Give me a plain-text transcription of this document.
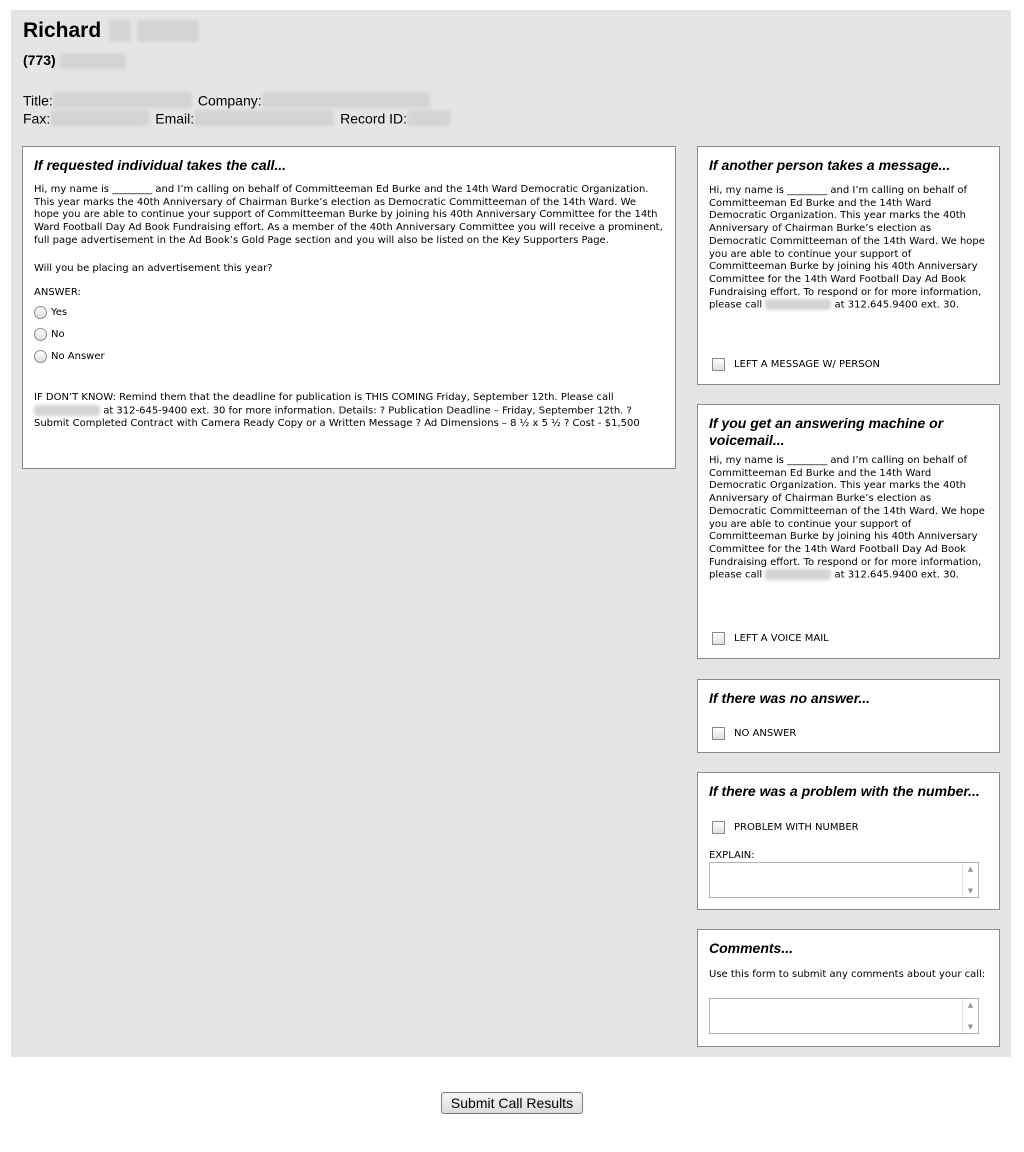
Richard
(773)
Title:	Company:
Fax:	Email:	Record ID:
If requested individual takes the call...

Hi, my name is ________ and I’m calling on behalf of Committeeman Ed Burke and the 14th Ward Democratic Organization. This year marks the 40th Anniversary of Chairman Burke’s election as Democratic Committeeman of the 14th Ward. We hope you are able to continue your support of Committeeman Burke by joining his 40th Anniversary Committee for the 14th Ward Football Day Ad Book Fundraising effort. As a member of the 40th Anniversary Committee you will receive a prominent, full page advertisement in the Ad Book’s Gold Page section and you will also be listed on the Key Supporters Page.

Will you be placing an advertisement this year?

ANSWER:

Yes
No
No Answer

IF DON’T KNOW: Remind them that the deadline for publication is THIS COMING Friday, September 12th. Please call  at 312-645-9400 ext. 30 for more information. Details: ? Publication Deadline – Friday, September 12th. ? Submit Completed Contract with Camera Ready Copy or a Written Message ? Ad Dimensions – 8 ½ x 5 ½ ? Cost - $1,500

If another person takes a message...

Hi, my name is ________ and I’m calling on behalf of Committeeman Ed Burke and the 14th Ward Democratic Organization. This year marks the 40th Anniversary of Chairman Burke’s election as Democratic Committeeman of the 14th Ward. We hope you are able to continue your support of Committeeman Burke by joining his 40th Anniversary Committee for the 14th Ward Football Day Ad Book Fundraising effort. To respond or for more information, please call	at 312.645.9400 ext. 30.

LEFT A MESSAGE W/ PERSON
If you get an answering machine or voicemail...

Hi, my name is ________ and I’m calling on behalf of Committeeman Ed Burke and the 14th Ward Democratic Organization. This year marks the 40th Anniversary of Chairman Burke’s election as Democratic Committeeman of the 14th Ward. We hope you are able to continue your support of Committeeman Burke by joining his 40th Anniversary Committee for the 14th Ward Football Day Ad Book Fundraising effort. To respond or for more information, please call	at 312.645.9400 ext. 30.

LEFT A VOICE MAIL
If there was no answer...
NO ANSWER
If there was a problem with the number...
PROBLEM WITH NUMBER
EXPLAIN:
▲
▼
Comments...

Use this form to submit any comments about your call:

▲
▼
Submit Call Results
